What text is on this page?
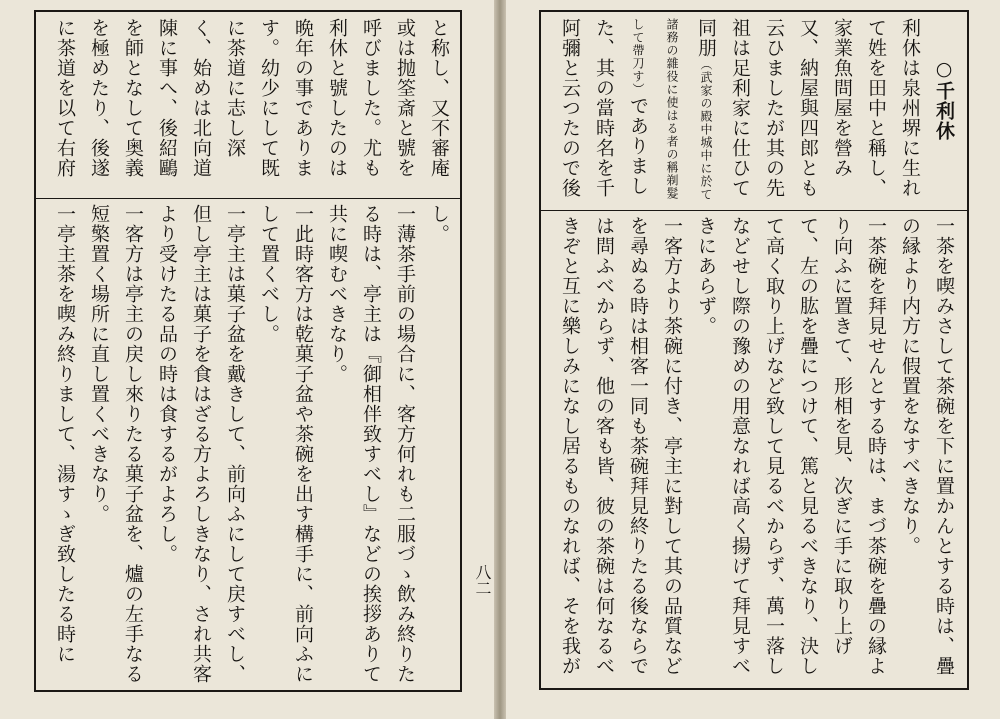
と称し、又不審庵或は抛筌斎と號を呼びました。尤も利休と號したのは晩年の事であります。幼少にして既に茶道に志し深く、始めは北向道陳に事へ、後紹鷗を師となして奥義を極めたり、後遂に茶道を以て右府

し。

一薄茶手前の場合に、客方何れも二服づゝ飲み終りたる時は、亭主は『御相伴致すべし』などの挨拶ありて共に喫むべきなり。

一此時客方は乾菓子盆や茶碗を出す構手に、前向ふにして置くべし。

一亭主は菓子盆を戴きして、前向ふにして戻すべし、但し亭主は菓子を食はざる方よろしきなり、され共客より受けたる品の時は食するがよろし。

一客方は亭主の戻し來りたる菓子盆を、爐の左手なる短檠置く場所に直し置くべきなり。

一亭主茶を喫み終りまして、湯すゝぎ致したる時に

八二

○千利休

利休は泉州堺に生れて姓を田中と稱し、家業魚問屋を營み又、納屋與四郎とも云ひましたが其の先祖は足利家に仕ひて同朋（武家の殿中城中に於て諸務の雜役に使はる者の稱剃髮して帶刀す）でありました、其の當時名を千阿彌と云つたので後

一茶を喫みさして茶碗を下に置かんとする時は、疊の縁より内方に假置をなすべきなり。

一茶碗を拜見せんとする時は、まづ茶碗を疊の縁より向ふに置きて、形相を見、次ぎに手に取り上げて、左の肱を疊につけて、篤と見るべきなり、決して高く取り上げなど致して見るべからず、萬一落しなどせし際の豫めの用意なれば高く揚げて拜見すべきにあらず。

一客方より茶碗に付き、亭主に對して其の品質などを尋ぬる時は相客一同も茶碗拜見終りたる後ならでは問ふべからず、他の客も皆、彼の茶碗は何なるべきぞと互に樂しみになし居るものなれば、そを我が
